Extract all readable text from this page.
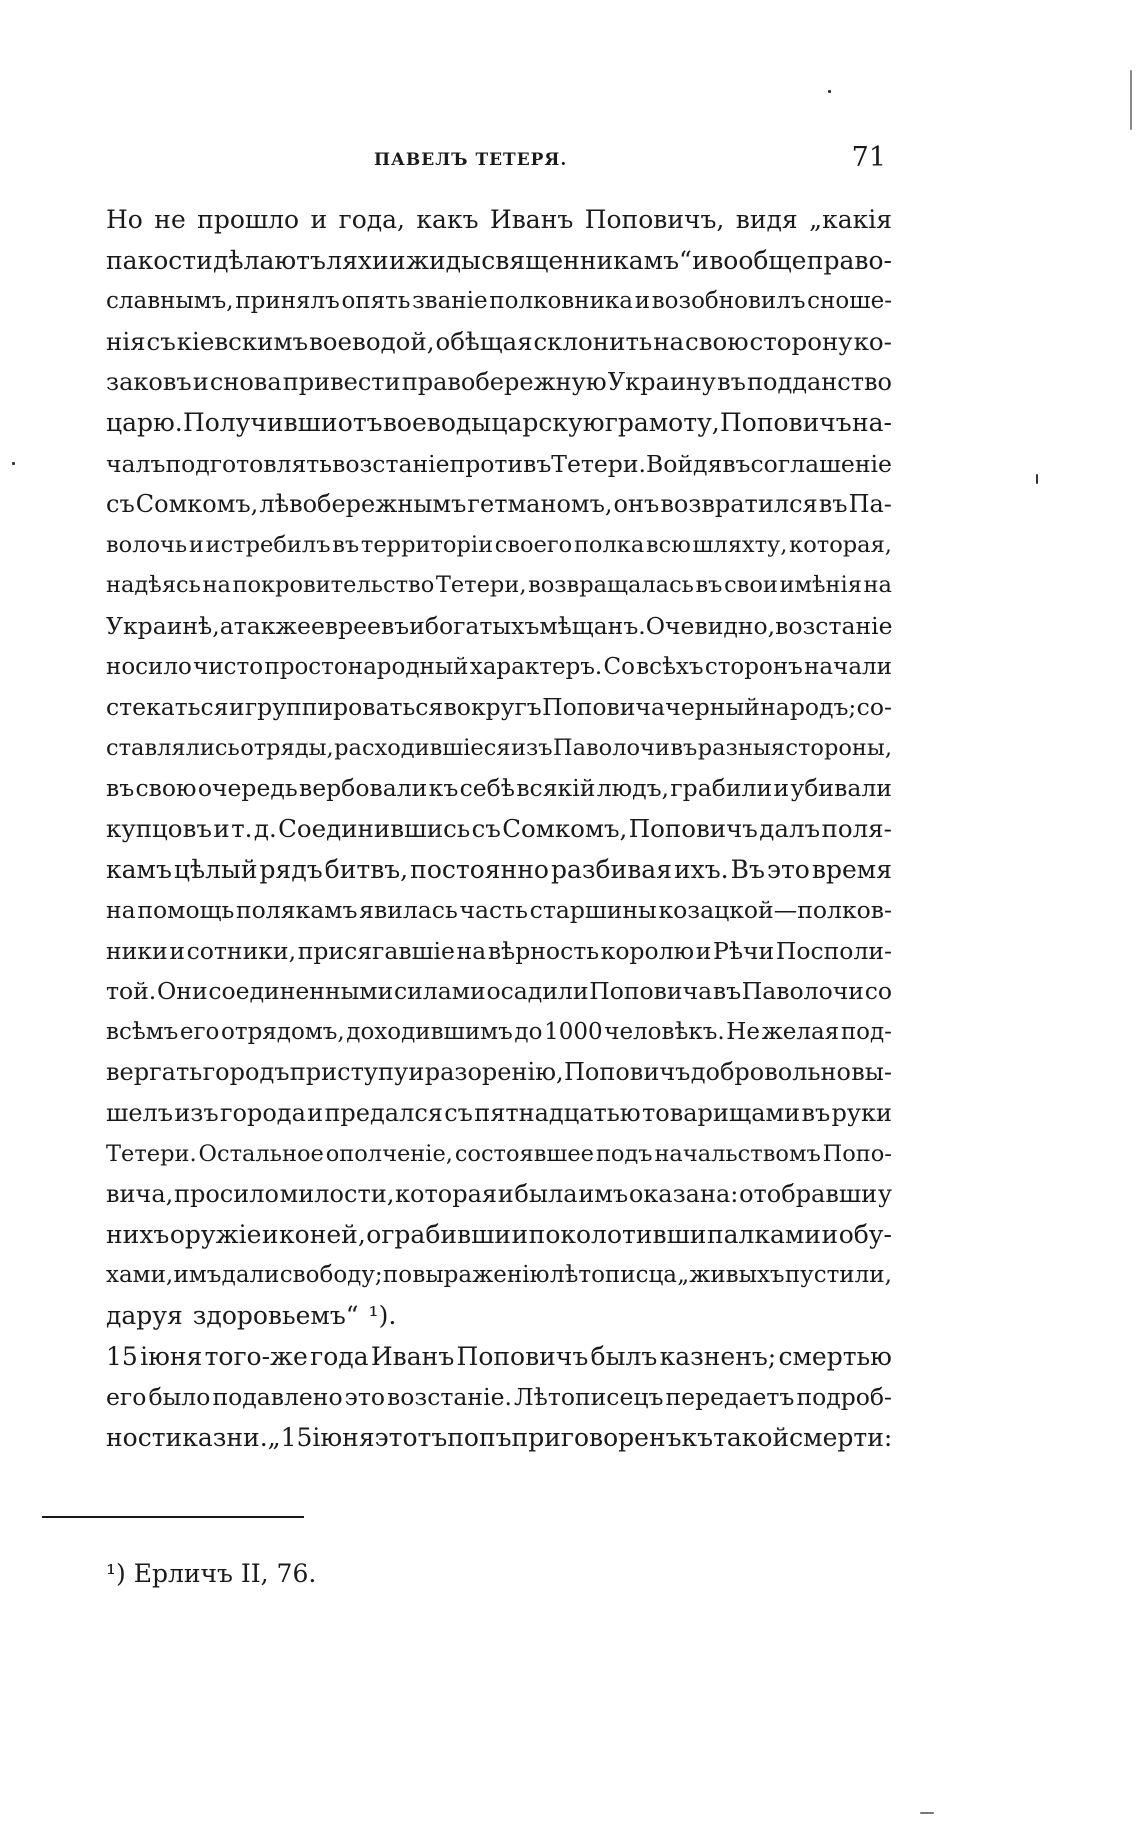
ПАВЕЛЪ ТЕТЕРЯ.	71
Но не прошло и года, какъ Иванъ Поповичъ, видя „какія
пакости дѣлаютъ ляхи и жиды священникамъ“ и вообще право-
славнымъ, принялъ опять званіе полковника и возобновилъ сноше-
нія съ кіевскимъ воеводой, обѣщая склонить на свою сторону ко-
заковъ и снова привести правобережную Украину въ подданство
царю. Получивши отъ воеводы царскую грамоту, Поповичъ на-
чалъ подготовлять возстаніе противъ Тетери. Войдя въ соглашеніе
съ Сомкомъ, лѣвобережнымъ гетманомъ, онъ возвратился въ Па-
волочь и истребилъ въ территоріи своего полка всю шляхту, которая,
надѣясь на покровительство Тетери, возвращалась въ свои имѣнія на
Украинѣ, а также евреевъ и богатыхъ мѣщанъ. Очевидно, возстаніе
носило чисто простонародный характеръ. Со всѣхъ сторонъ начали
стекаться и группироваться вокругъ Поповича черный народъ; со-
ставлялись отряды, расходившіеся изъ Паволочи въ разныя стороны,
въ свою очередь вербовали къ себѣ всякій людъ, грабили и убивали
купцовъ и т. д. Соединившись съ Сомкомъ, Поповичъ далъ поля-
камъ цѣлый рядъ битвъ, постоянно разбивая ихъ. Въ это время
на помощь полякамъ явилась часть старшины козацкой—полков-
ники и сотники, присягавшіе на вѣрность королю и Рѣчи Посполи-
той. Они соединенными силами осадили Поповича въ Паволочи со
всѣмъ его отрядомъ, доходившимъ до 1000 человѣкъ. Не желая под-
вергать городъ приступу и разоренію, Поповичъ добровольно вы-
шелъ изъ города и предался съ пятнадцатью товарищами въ руки
Тетери. Остальное ополченіе, состоявшее подъ начальствомъ Попо-
вича, просило милости, которая и была имъ оказана: отобравши у
нихъ оружіе и коней, ограбивши и поколотивши палками и обу-
хами, имъ дали свободу; по выраженію лѣтописца „живыхъ пустили,
даруя здоровьемъ“ ¹).
15 іюня того-же года Иванъ Поповичъ былъ казненъ; смертью
его было подавлено это возстаніе. Лѣтописецъ передаетъ подроб-
ности казни. „15 іюня этотъ попъ приговоренъ къ такой смерти:
¹) Ерличъ II, 76.
